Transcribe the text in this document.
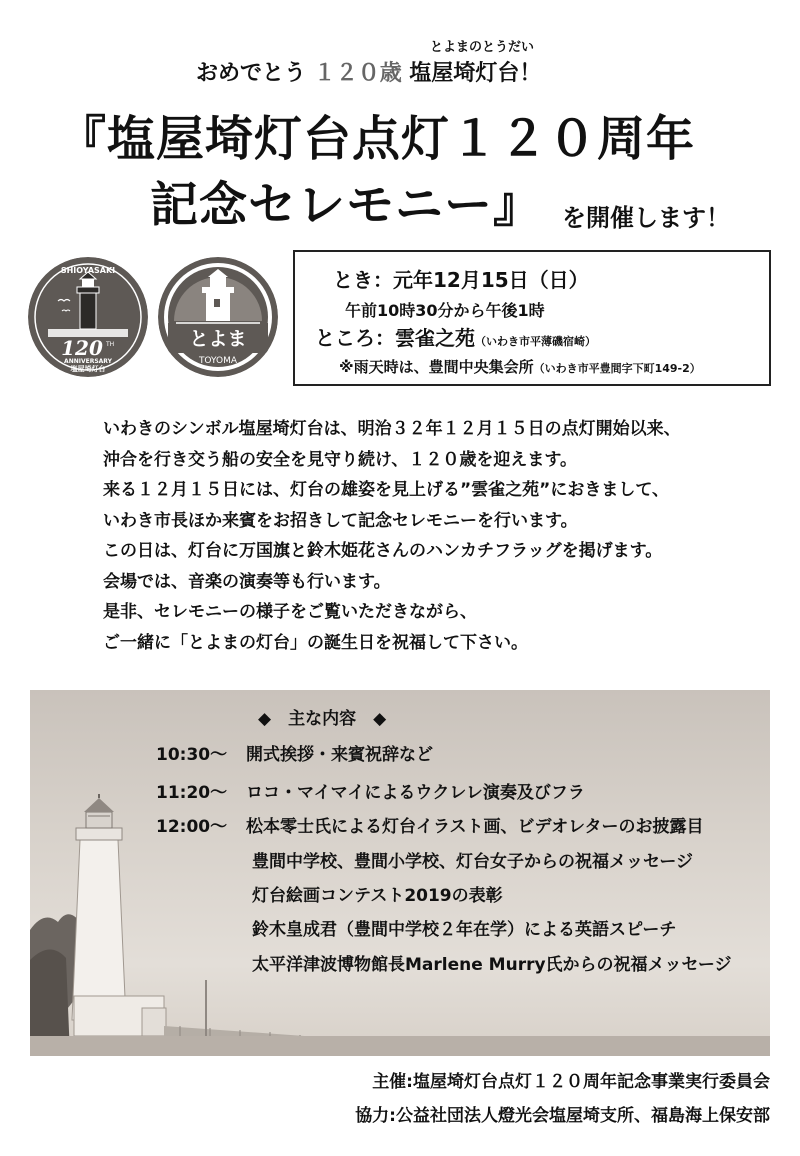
とよまのとうだい
おめでとう １２０歳 塩屋埼灯台！
『塩屋埼灯台点灯１２０周年
記念セレモニー』 を開催します！
SHIOYASAKI
120 TH
ANNIVERSARY
塩屋埼灯台
とよま
TOYOMA
とき：元年12月15日（日）
午前10時30分から午後1時
ところ：雲雀之苑（いわき市平薄磯宿崎）
※雨天時は、豊間中央集会所（いわき市平豊間字下町149-2）
いわきのシンボル塩屋埼灯台は、明治３２年１２月１５日の点灯開始以来、
沖合を行き交う船の安全を見守り続け、１２０歳を迎えます。
来る１２月１５日には、灯台の雄姿を見上げる”雲雀之苑”におきまして、
いわき市長ほか来賓をお招きして記念セレモニーを行います。
この日は、灯台に万国旗と鈴木姫花さんのハンカチフラッグを掲げます。
会場では、音楽の演奏等も行います。
是非、セレモニーの様子をご覧いただきながら、
ご一緒に「とよまの灯台」の誕生日を祝福して下さい。
◆　主な内容　◆
10:30～ 開式挨拶・来賓祝辞など
11:20～ ロコ・マイマイによるウクレレ演奏及びフラ
12:00～ 松本零士氏による灯台イラスト画、ビデオレターのお披露目
豊間中学校、豊間小学校、灯台女子からの祝福メッセージ
灯台絵画コンテスト2019の表彰
鈴木皇成君（豊間中学校２年在学）による英語スピーチ
太平洋津波博物館長Marlene Murry氏からの祝福メッセージ
主催:塩屋埼灯台点灯１２０周年記念事業実行委員会
協力:公益社団法人燈光会塩屋埼支所、福島海上保安部
